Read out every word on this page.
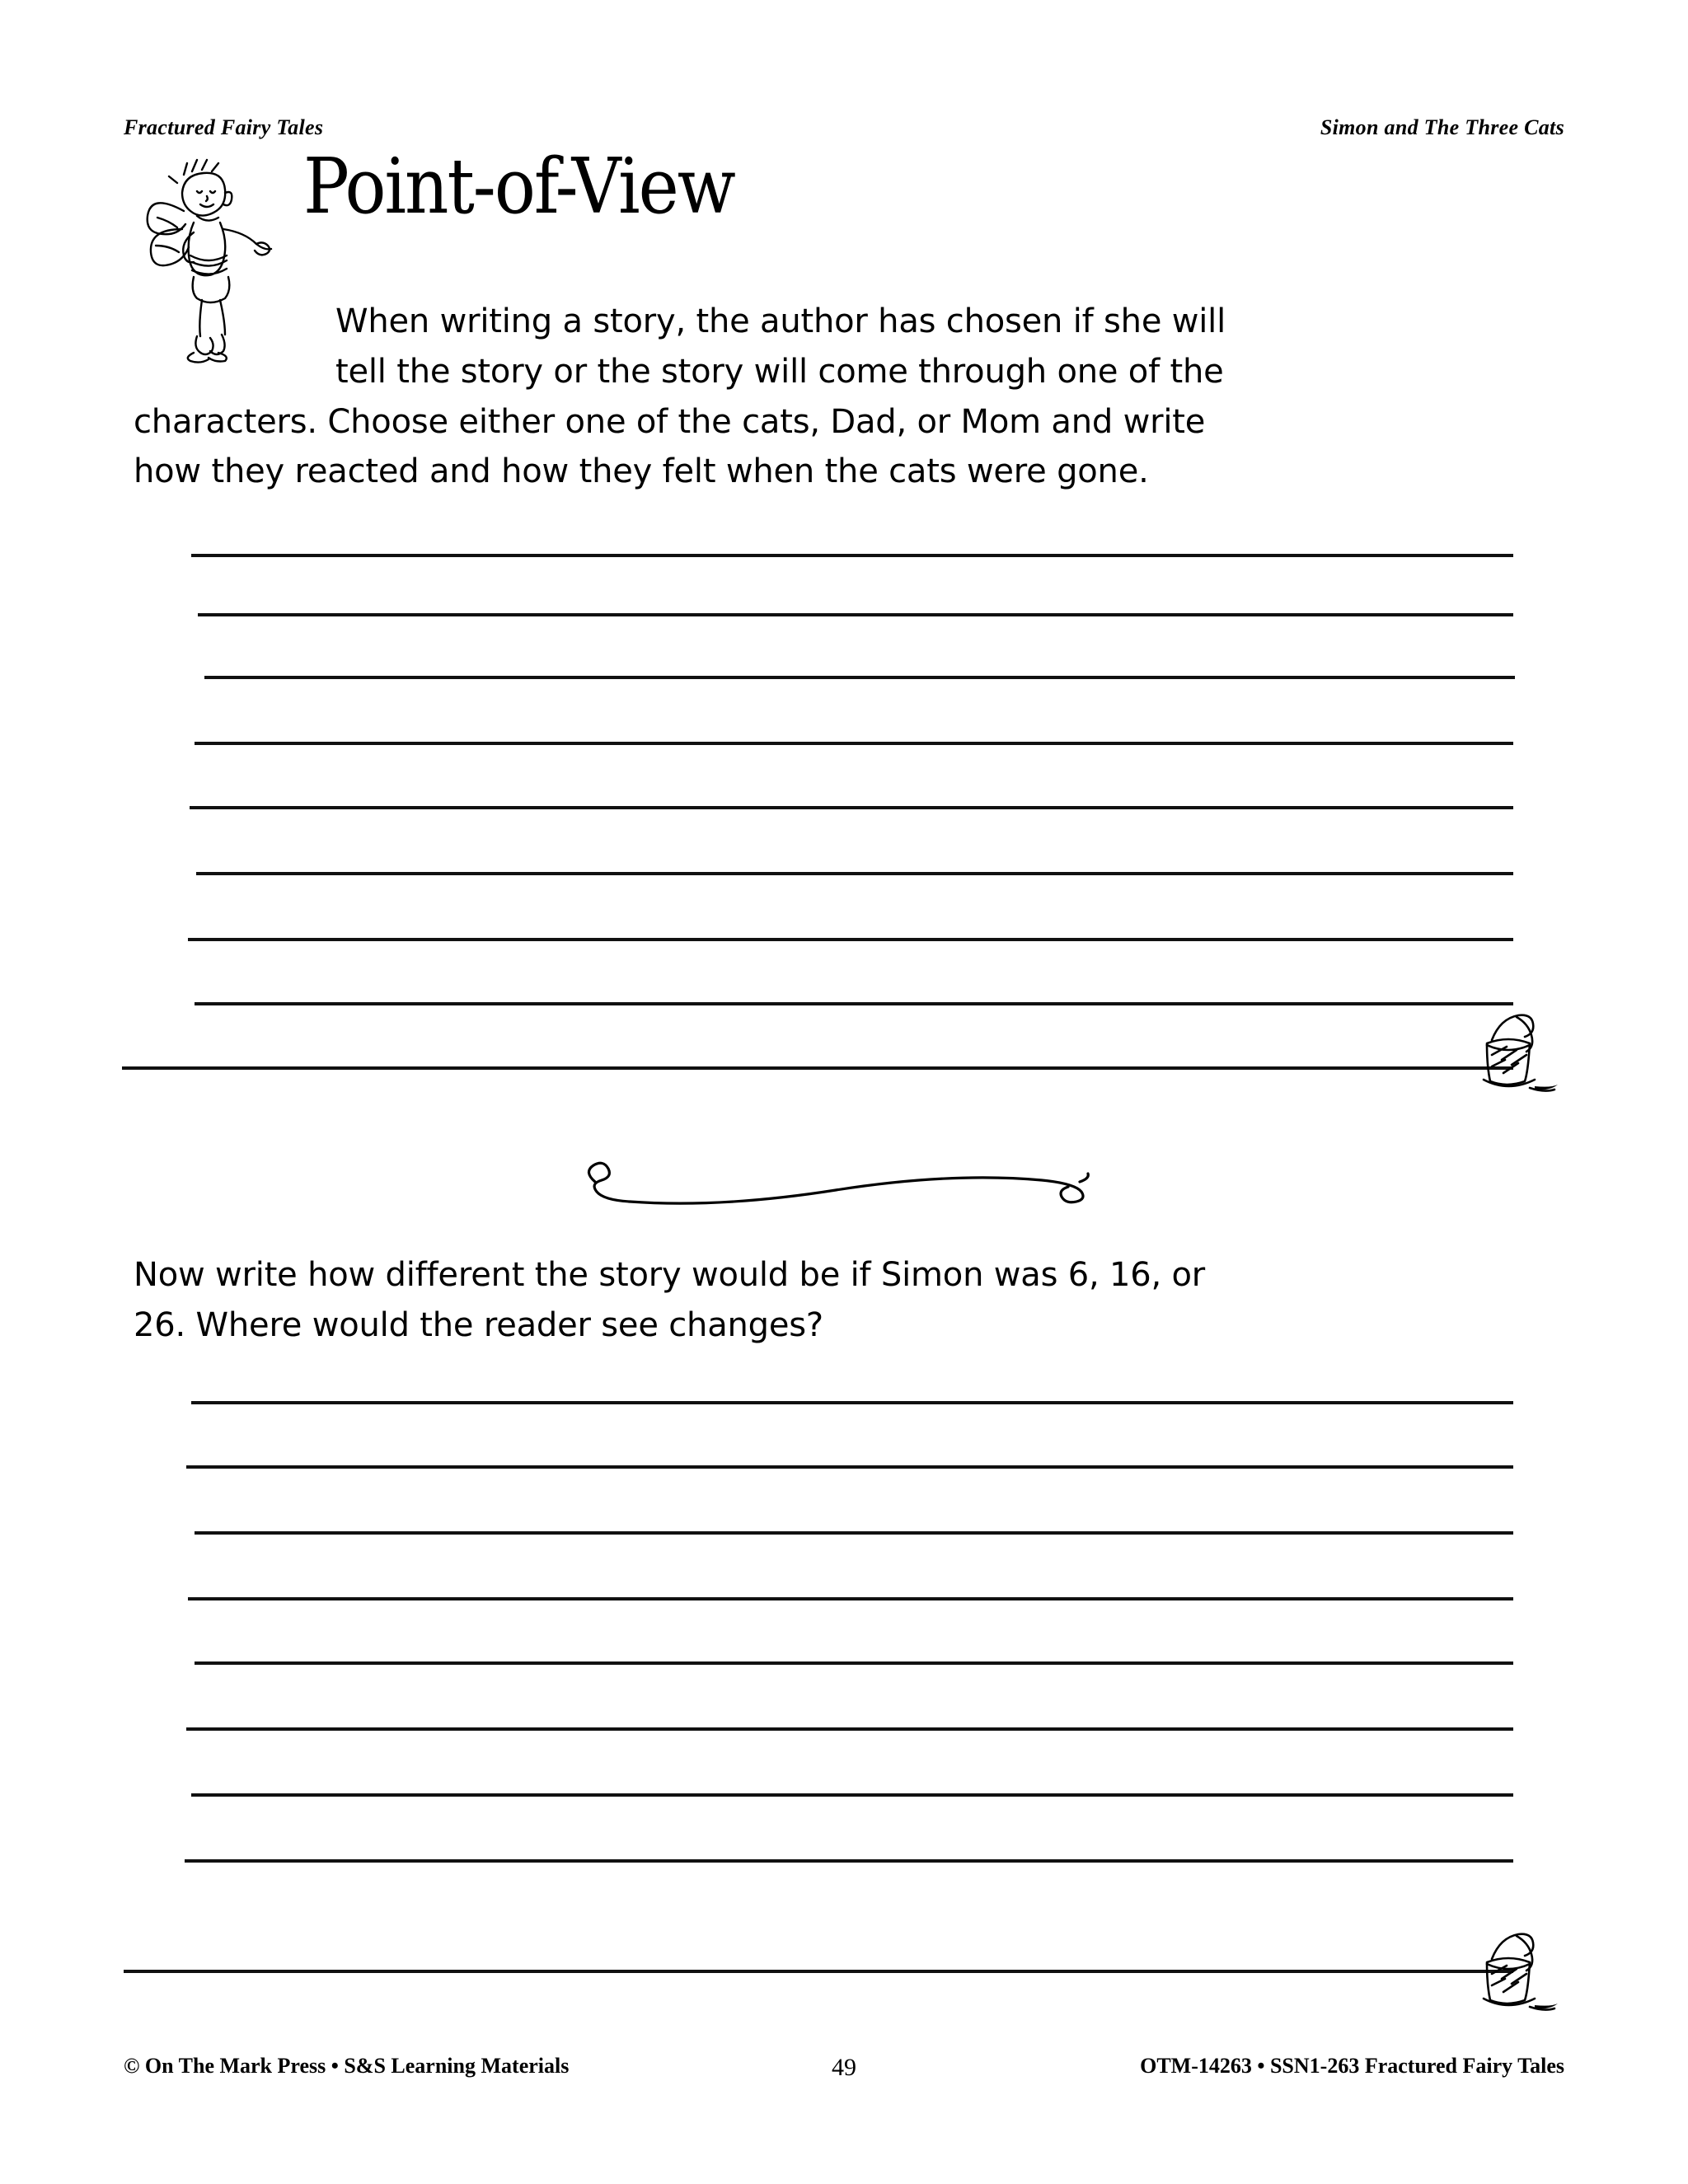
Fractured Fairy Tales	Simon and The Three Cats
Point-of-View
When writing a story, the author has chosen if she will
tell the story or the story will come through one of the
characters. Choose either one of the cats, Dad, or Mom and write
how they reacted and how they felt when the cats were gone.
Now write how different the story would be if Simon was 6, 16, or
26. Where would the reader see changes?
© On The Mark Press • S&S Learning Materials	OTM-14263 • SSN1-263 Fractured Fairy Tales
49
